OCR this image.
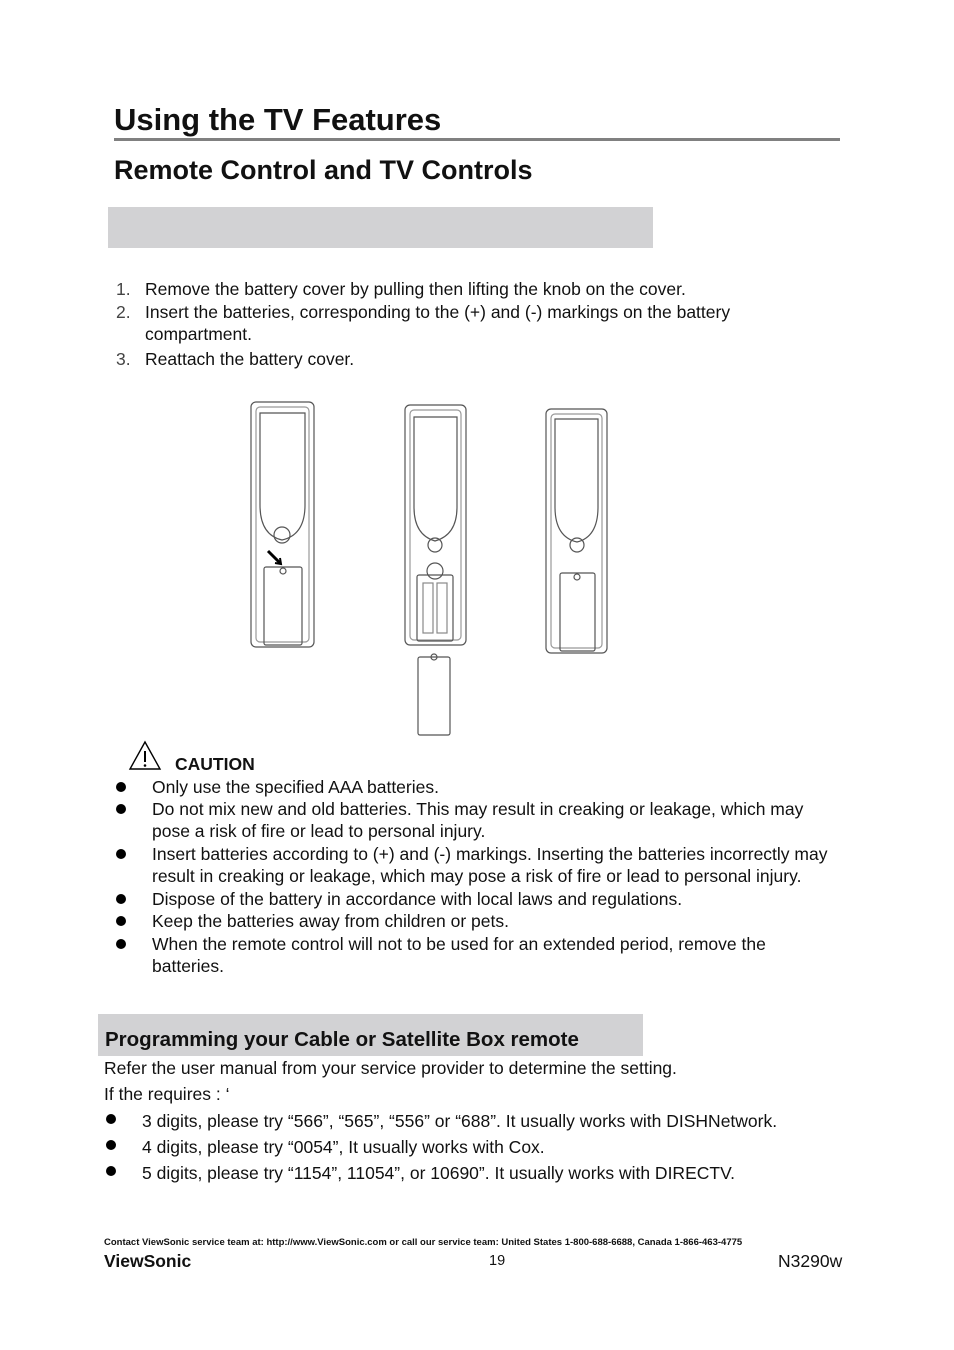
Using the TV Features
Remote Control and TV Controls
1. Remove the battery cover by pulling then lifting the knob on the cover.
2. Insert the batteries, corresponding to the (+) and (-) markings on the battery compartment.
3. Reattach the battery cover.
CAUTION
Only use the specified AAA batteries.
Do not mix new and old batteries. This may result in creaking or leakage, which may pose a risk of fire or lead to personal injury.
Insert batteries according to (+) and (-) markings. Inserting the batteries incorrectly may result in creaking or leakage, which may pose a risk of fire or lead to personal injury.
Dispose of the battery in accordance with local laws and regulations.
Keep the batteries away from children or pets.
When the remote control will not to be used for an extended period, remove the batteries.
Programming your Cable or Satellite Box remote
Refer the user manual from your service provider to determine the setting.
If the requires : ‘
3 digits, please try “566”, “565”, “556” or “688”. It usually works with DISHNetwork.
4 digits, please try “0054”, It usually works with Cox.
5 digits, please try “1154”, 11054”, or 10690”. It usually works with DIRECTV.
Contact ViewSonic service team at: http://www.ViewSonic.com or call our service team: United States 1-800-688-6688, Canada 1-866-463-4775
ViewSonic	19	N3290w
